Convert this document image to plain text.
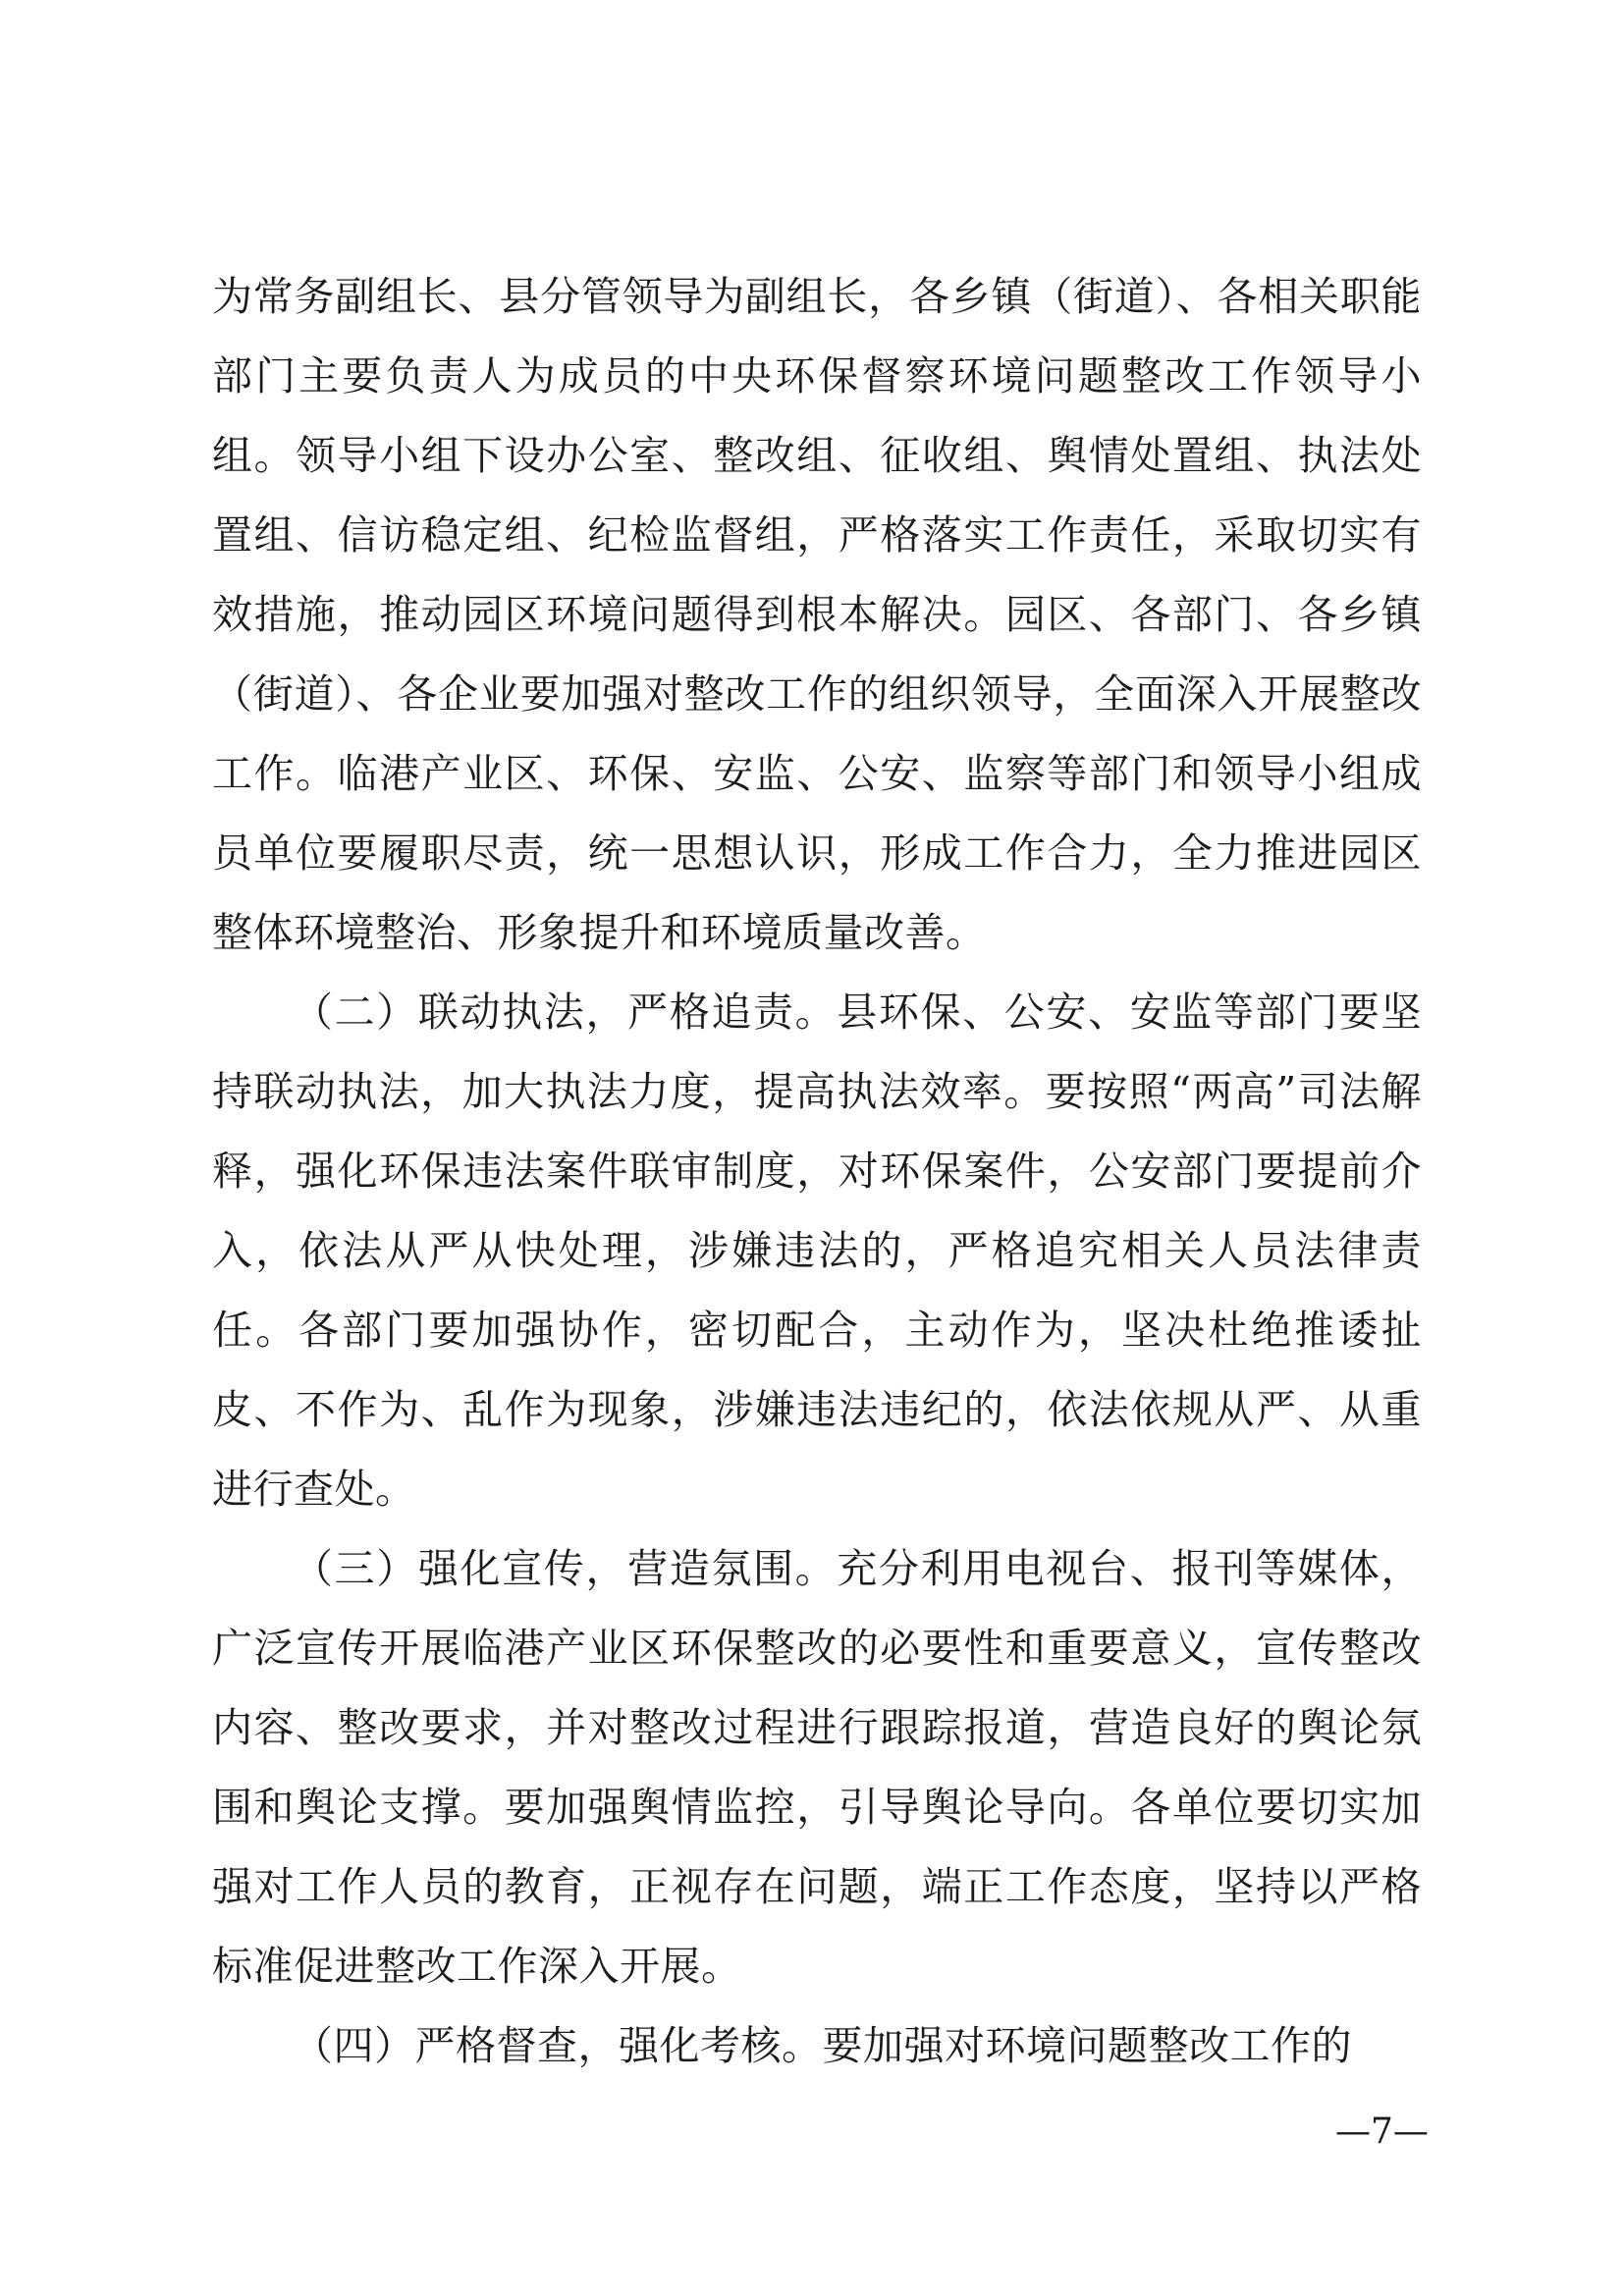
为常务副组长、县分管领导为副组长，各乡镇（街道）、各相关职能部门主要负责人为成员的中央环保督察环境问题整改工作领导小组。领导小组下设办公室、整改组、征收组、舆情处置组、执法处置组、信访稳定组、纪检监督组，严格落实工作责任，采取切实有效措施，推动园区环境问题得到根本解决。园区、各部门、各乡镇（街道）、各企业要加强对整改工作的组织领导，全面深入开展整改工作。临港产业区、环保、安监、公安、监察等部门和领导小组成员单位要履职尽责，统一思想认识，形成工作合力，全力推进园区整体环境整治、形象提升和环境质量改善。

（二）联动执法，严格追责。县环保、公安、安监等部门要坚持联动执法，加大执法力度，提高执法效率。要按照“两高”司法解释，强化环保违法案件联审制度，对环保案件，公安部门要提前介入，依法从严从快处理，涉嫌违法的，严格追究相关人员法律责任。各部门要加强协作，密切配合，主动作为，坚决杜绝推诿扯皮、不作为、乱作为现象，涉嫌违法违纪的，依法依规从严、从重进行查处。

（三）强化宣传，营造氛围。充分利用电视台、报刊等媒体，广泛宣传开展临港产业区环保整改的必要性和重要意义，宣传整改内容、整改要求，并对整改过程进行跟踪报道，营造良好的舆论氛围和舆论支撑。要加强舆情监控，引导舆论导向。各单位要切实加强对工作人员的教育，正视存在问题，端正工作态度，坚持以严格标准促进整改工作深入开展。

（四）严格督查，强化考核。要加强对环境问题整改工作的

—7—
